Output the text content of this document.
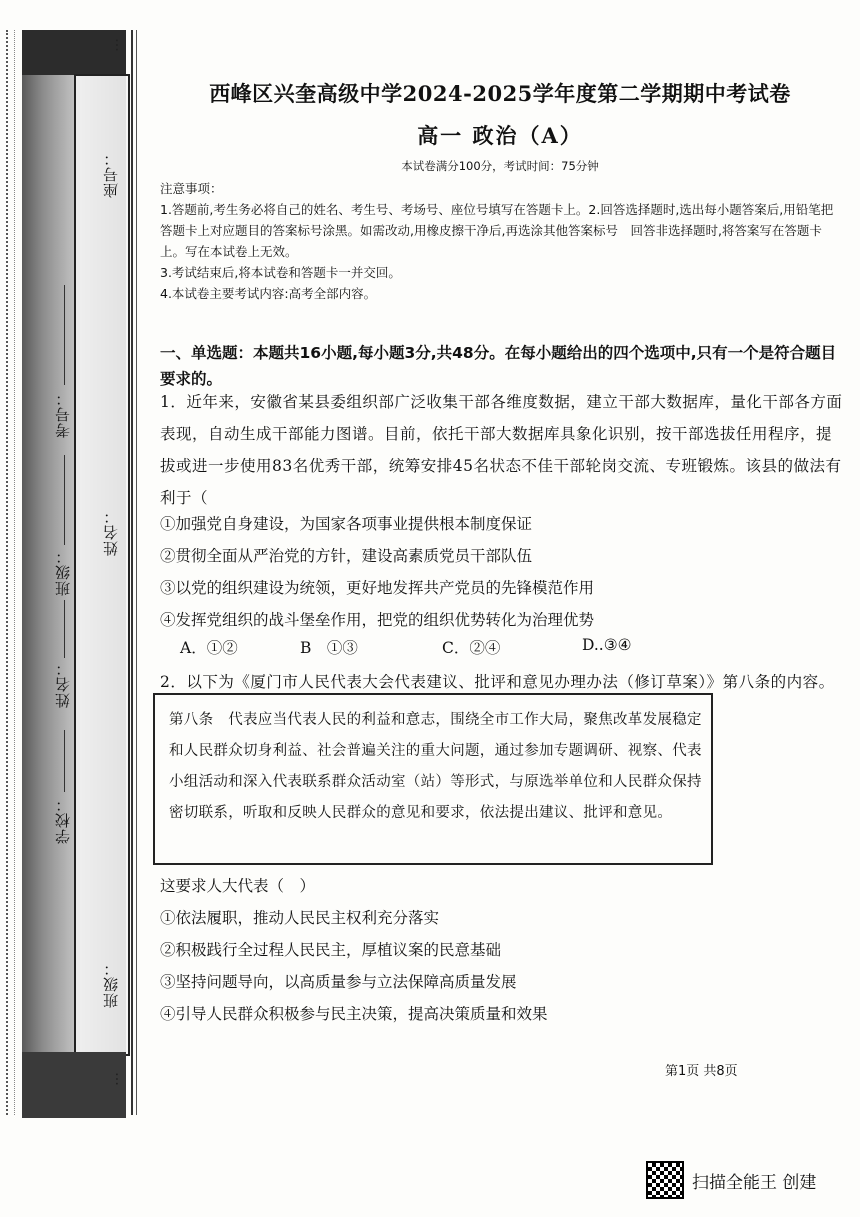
…
…
座号：
姓名：
班级：
考号：
班级：
姓名：
学校：
西峰区兴奎高级中学2024-2025学年度第二学期期中考试卷
高一 政治（A）
本试卷满分100分，考试时间：75分钟

注意事项：

1.答题前,考生务必将自己的姓名、考生号、考场号、座位号填写在答题卡上。2.回答选择题时,选出每小题答案后,用铅笔把答题卡上对应题目的答案标号涂黑。如需改动,用橡皮擦干净后,再选涂其他答案标号　回答非选择题时,将答案写在答题卡上。写在本试卷上无效。

3.考试结束后,将本试卷和答题卡一并交回。

4.本试卷主要考试内容:高考全部内容。

一、单选题：本题共16小题,每小题3分,共48分。在每小题给出的四个选项中,只有一个是符合题目要求的。
1．近年来，安徽省某县委组织部广泛收集干部各维度数据，建立干部大数据库，量化干部各方面表现，自动生成干部能力图谱。目前，依托干部大数据库具象化识别，按干部选拔任用程序，提拔或进一步使用83名优秀干部，统筹安排45名状态不佳干部轮岗交流、专班锻炼。该县的做法有利于（
①加强党自身建设，为国家各项事业提供根本制度保证
②贯彻全面从严治党的方针，建设高素质党员干部队伍
③以党的组织建设为统领，更好地发挥共产党员的先锋模范作用
④发挥党组织的战斗堡垒作用，把党的组织优势转化为治理优势
A．①②	B　①③	C．②④	D..③④
2．以下为《厦门市人民代表大会代表建议、批评和意见办理办法（修订草案）》第八条的内容。
第八条　代表应当代表人民的利益和意志，围绕全市工作大局，聚焦改革发展稳定和人民群众切身利益、社会普遍关注的重大问题，通过参加专题调研、视察、代表小组活动和深入代表联系群众活动室（站）等形式，与原选举单位和人民群众保持密切联系，听取和反映人民群众的意见和要求，依法提出建议、批评和意见。
这要求人大代表（　）
①依法履职，推动人民民主权利充分落实
②积极践行全过程人民民主，厚植议案的民意基础
③坚持问题导向，以高质量参与立法保障高质量发展
④引导人民群众积极参与民主决策，提高决策质量和效果
第1页 共8页
扫描全能王 创建
